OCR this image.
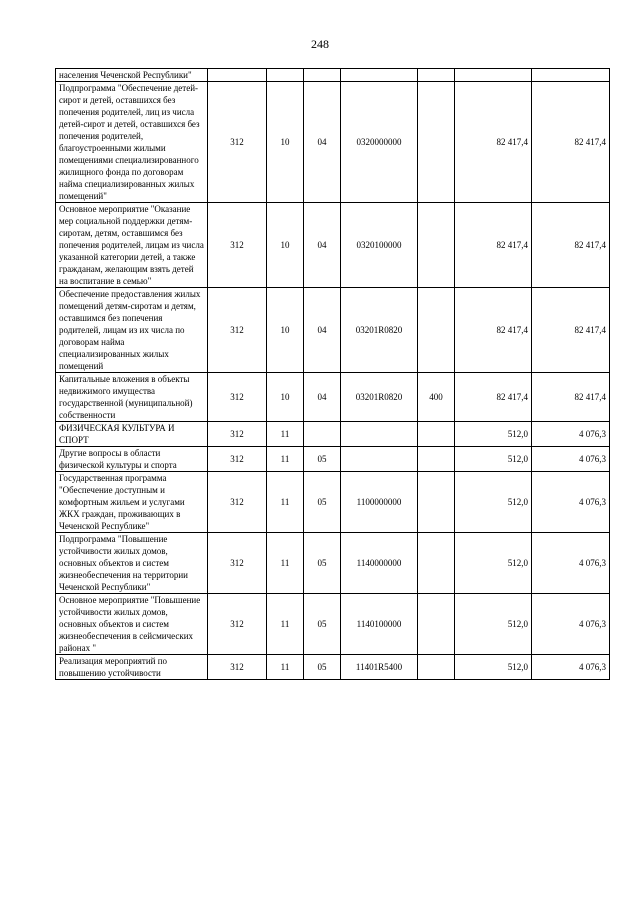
248
населения Чеченской Республики"							
Подпрограмма "Обеспечение детей-сирот и детей, оставшихся без попечения родителей, лиц из числа детей-сирот и детей, оставшихся без попечения родителей, благоустроенными жилыми помещениями специализированного жилищного фонда по договорам найма специализированных жилых помещений"	312	10	04	0320000000		82 417,4	82 417,4
Основное мероприятие "Оказание мер социальной поддержки детям-сиротам, детям, оставшимся без попечения родителей, лицам из числа указанной категории детей, а также гражданам, желающим взять детей на воспитание в семью"	312	10	04	0320100000		82 417,4	82 417,4
Обеспечение предоставления жилых помещений детям-сиротам и детям, оставшимся без попечения родителей, лицам из их числа по договорам найма специализированных жилых помещений	312	10	04	03201R0820		82 417,4	82 417,4
Капитальные вложения в объекты недвижимого имущества государственной (муниципальной) собственности	312	10	04	03201R0820	400	82 417,4	82 417,4
ФИЗИЧЕСКАЯ КУЛЬТУРА И СПОРТ	312	11				512,0	4 076,3
Другие вопросы в области физической культуры и спорта	312	11	05			512,0	4 076,3
Государственная программа "Обеспечение доступным и комфортным жильем и услугами ЖКХ граждан, проживающих в Чеченской Республике"	312	11	05	1100000000		512,0	4 076,3
Подпрограмма "Повышение устойчивости жилых домов, основных объектов и систем жизнеобеспечения на территории Чеченской Республики"	312	11	05	1140000000		512,0	4 076,3
Основное мероприятие "Повышение устойчивости жилых домов, основных объектов и систем жизнеобеспечения в сейсмических районах "	312	11	05	1140100000		512,0	4 076,3
Реализация мероприятий по повышению устойчивости	312	11	05	11401R5400		512,0	4 076,3
